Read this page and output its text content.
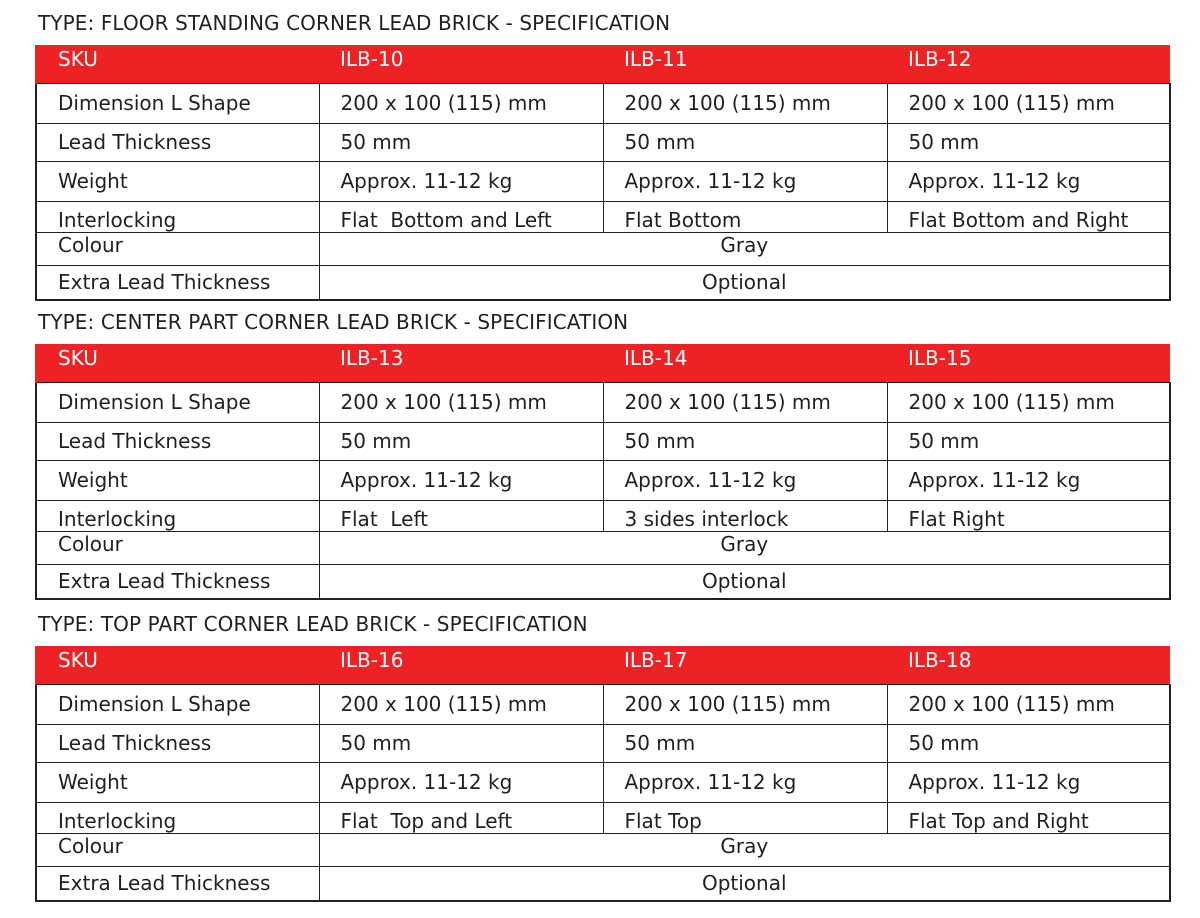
TYPE: FLOOR STANDING CORNER LEAD BRICK - SPECIFICATION
SKU	ILB-10	ILB-11	ILB-12
Dimension L Shape	200 x 100 (115) mm	200 x 100 (115) mm	200 x 100 (115) mm
Lead Thickness	50 mm	50 mm	50 mm
Weight	Approx. 11-12 kg	Approx. 11-12 kg	Approx. 11-12 kg
Interlocking	Flat  Bottom and Left	Flat Bottom	Flat Bottom and Right
Colour	Gray		
Extra Lead Thickness	Optional		
TYPE: CENTER PART CORNER LEAD BRICK - SPECIFICATION
SKU	ILB-13	ILB-14	ILB-15
Dimension L Shape	200 x 100 (115) mm	200 x 100 (115) mm	200 x 100 (115) mm
Lead Thickness	50 mm	50 mm	50 mm
Weight	Approx. 11-12 kg	Approx. 11-12 kg	Approx. 11-12 kg
Interlocking	Flat  Left	3 sides interlock	Flat Right
Colour	Gray		
Extra Lead Thickness	Optional		
TYPE: TOP PART CORNER LEAD BRICK - SPECIFICATION
SKU	ILB-16	ILB-17	ILB-18
Dimension L Shape	200 x 100 (115) mm	200 x 100 (115) mm	200 x 100 (115) mm
Lead Thickness	50 mm	50 mm	50 mm
Weight	Approx. 11-12 kg	Approx. 11-12 kg	Approx. 11-12 kg
Interlocking	Flat  Top and Left	Flat Top	Flat Top and Right
Colour	Gray		
Extra Lead Thickness	Optional		
